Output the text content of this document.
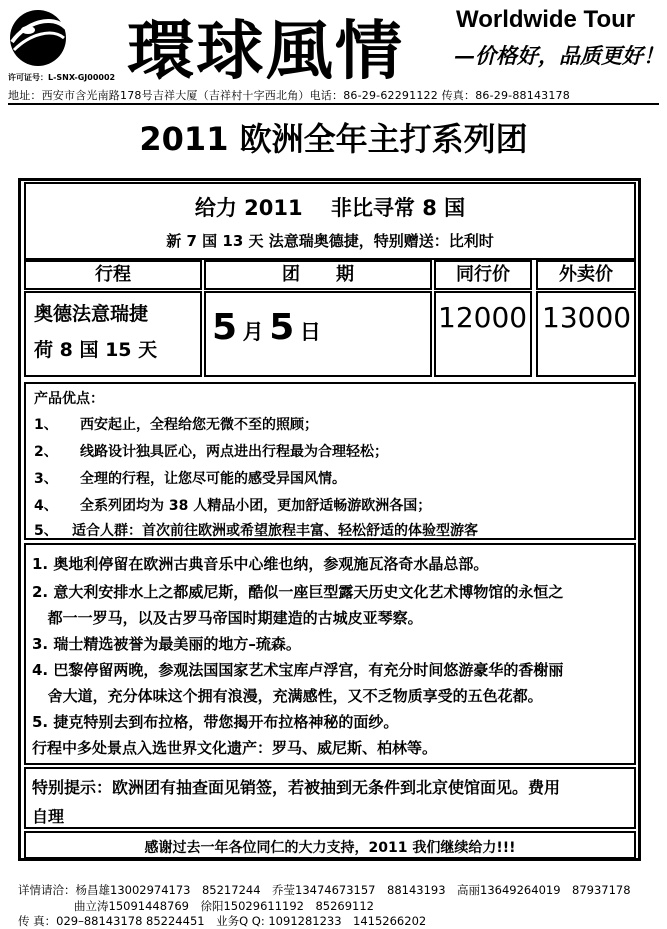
環球風情 Worldwide Tour
—价格好，品质更好！
许可证号：L-SNX-GJ00002
地址：西安市含光南路178号吉祥大厦（吉祥村十字西北角）电话：86-29-62291122 传真：86-29-88143178
2011 欧洲全年主打系列团
给力 2011　 非比寻常 8 国
新 7 国 13 天 法意瑞奥德捷，特别赠送：比利时
行程	团　　期	同行价	外卖价
奥德法意瑞捷
荷 8 国 15 天
5 月 5 日	12000 13000
产品优点：
1、 西安起止，全程给您无微不至的照顾；
2、 线路设计独具匠心，两点进出行程最为合理轻松；
3、 全理的行程，让您尽可能的感受异国风情。
4、 全系列团均为 38 人精品小团，更加舒适畅游欧洲各国；
5、 适合人群：首次前往欧洲或希望旅程丰富、轻松舒适的体验型游客
1. 奥地利停留在欧洲古典音乐中心维也纳，参观施瓦洛奇水晶总部。
2. 意大利安排水上之都威尼斯，酷似一座巨型露天历史文化艺术博物馆的永恒之
都一一罗马，以及古罗马帝国时期建造的古城皮亚琴察。
3. 瑞士精选被誉为最美丽的地方–琉森。
4. 巴黎停留两晚，参观法国国家艺术宝库卢浮宫，有充分时间悠游豪华的香榭丽
舍大道，充分体味这个拥有浪漫，充满感性，又不乏物质享受的五色花都。
5. 捷克特别去到布拉格，带您揭开布拉格神秘的面纱。
行程中多处景点入选世界文化遗产：罗马、威尼斯、柏林等。
特别提示：欧洲团有抽查面见销签，若被抽到无条件到北京使馆面见。费用
自理
感谢过去一年各位同仁的大力支持，2011 我们继续给力!!!
详情请洽：杨昌雄13002974173　85217244　乔莹13474673157　88143193　高丽13649264019　87937178
曲立涛15091448769　徐阳15029611192　85269112
传 真：029–88143178 85224451　业务Q Q: 1091281233　1415266202
